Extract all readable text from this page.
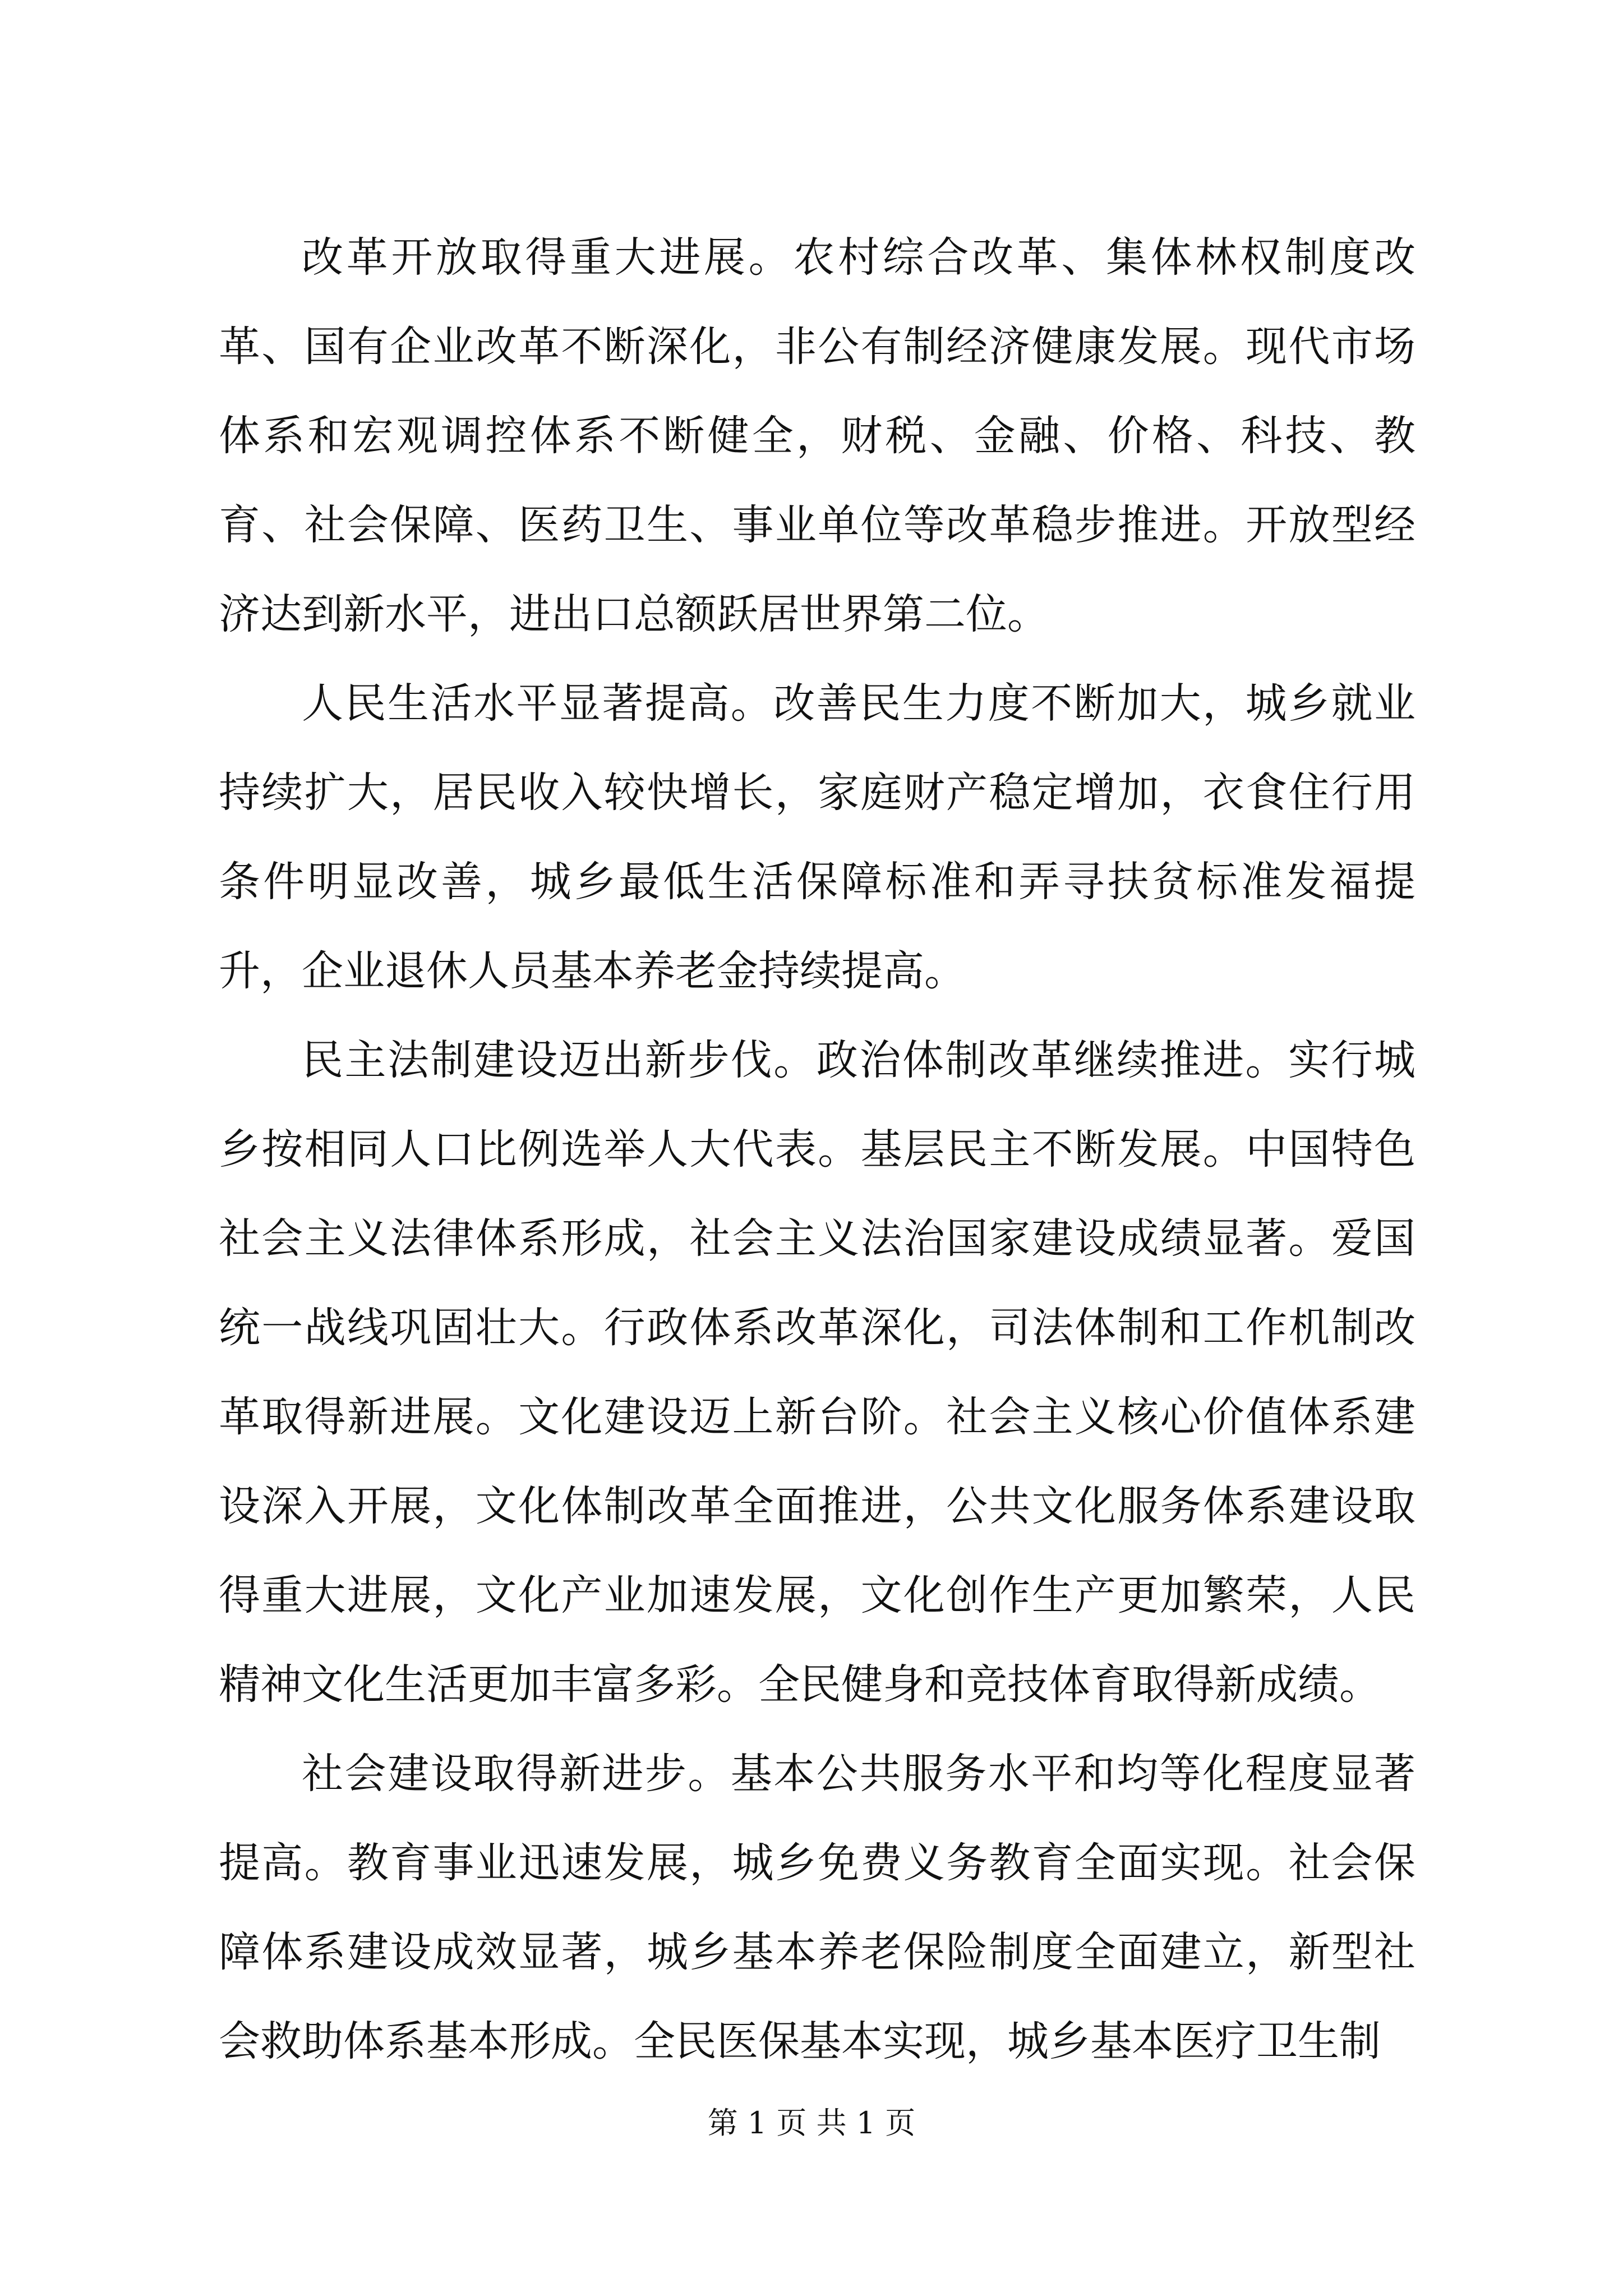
改革开放取得重大进展。农村综合改革、集体林权制度改革、国有企业改革不断深化，非公有制经济健康发展。现代市场体系和宏观调控体系不断健全，财税、金融、价格、科技、教育、社会保障、医药卫生、事业单位等改革稳步推进。开放型经济达到新水平，进出口总额跃居世界第二位。

人民生活水平显著提高。改善民生力度不断加大，城乡就业持续扩大，居民收入较快增长，家庭财产稳定增加，衣食住行用条件明显改善，城乡最低生活保障标准和弄寻扶贫标准发福提升，企业退休人员基本养老金持续提高。

民主法制建设迈出新步伐。政治体制改革继续推进。实行城乡按相同人口比例选举人大代表。基层民主不断发展。中国特色社会主义法律体系形成，社会主义法治国家建设成绩显著。爱国统一战线巩固壮大。行政体系改革深化，司法体制和工作机制改革取得新进展。文化建设迈上新台阶。社会主义核心价值体系建设深入开展，文化体制改革全面推进，公共文化服务体系建设取得重大进展，文化产业加速发展，文化创作生产更加繁荣，人民精神文化生活更加丰富多彩。全民健身和竞技体育取得新成绩。

社会建设取得新进步。基本公共服务水平和均等化程度显著提高。教育事业迅速发展，城乡免费义务教育全面实现。社会保障体系建设成效显著，城乡基本养老保险制度全面建立，新型社会救助体系基本形成。全民医保基本实现，城乡基本医疗卫生制

第 1 页 共 1 页
